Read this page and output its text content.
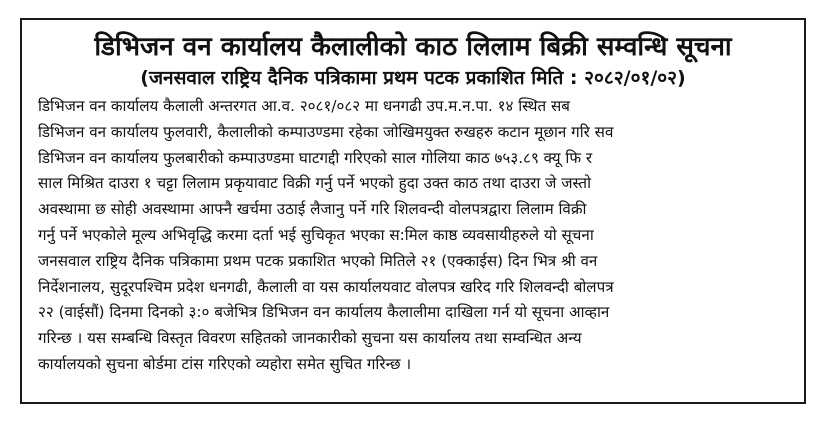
डिभिजन वन कार्यालय कैलालीको काठ लिलाम बिक्री सम्वन्धि सूचना
(जनसवाल राष्ट्रिय दैनिक पत्रिकामा प्रथम पटक प्रकाशित मिति : २०८२/०१/०२)
डिभिजन वन कार्यालय कैलाली अन्तरगत आ.व. २०८१/०८२ मा धनगढी उप.म.न.पा. १४ स्थित सब
डिभिजन वन कार्यालय फुलवारी, कैलालीको कम्पाउण्डमा रहेका जोखिमयुक्त रुखहरु कटान मूछान गरि सव
डिभिजन वन कार्यालय फुलबारीको कम्पाउण्डमा घाटगद्दी गरिएको साल गोलिया काठ ७५३.८९ क्यू फि र
साल मिश्रित दाउरा १ चट्टा लिलाम प्रकृयावाट विक्री गर्नु पर्ने भएको हुदा उक्त काठ तथा दाउरा जे जस्तो
अवस्थामा छ सोही अवस्थामा आफ्नै खर्चमा उठाई लैजानु पर्ने गरि शिलवन्दी वोलपत्रद्वारा लिलाम विक्री
गर्नु पर्ने भएकोले मूल्य अभिवृद्धि करमा दर्ता भई सुचिकृत भएका स:मिल काष्ठ व्यवसायीहरुले यो सूचना
जनसवाल राष्ट्रिय दैनिक पत्रिकामा प्रथम पटक प्रकाशित भएको मितिले २१ (एक्काईस) दिन भित्र श्री वन
निर्देशनालय, सुदूरपश्चिम प्रदेश धनगढी, कैलाली वा यस कार्यालयवाट वोलपत्र खरिद गरि शिलवन्दी बोलपत्र
२२ (वाईसौं) दिनमा दिनको ३:० बजेभित्र डिभिजन वन कार्यालय कैलालीमा दाखिला गर्न यो सूचना आव्हान
गरिन्छ । यस सम्बन्धि विस्तृत विवरण सहितको जानकारीको सुचना यस कार्यालय तथा सम्वन्धित अन्य
कार्यालयको सुचना बोर्डमा टांस गरिएको व्यहोरा समेत सुचित गरिन्छ ।
